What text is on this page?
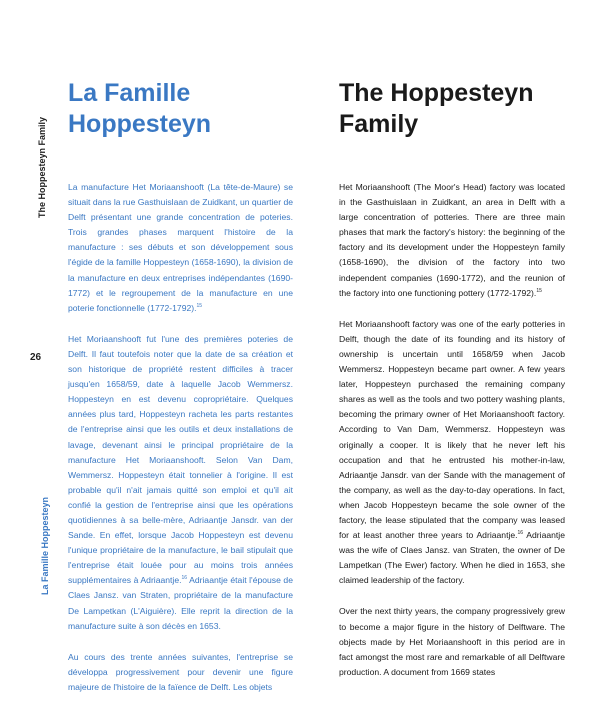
The Hoppesteyn Family
26
La Famille Hoppesteyn
La Famille
Hoppesteyn

La manufacture Het Moriaanshooft (La tête-de-Maure) se situait dans la rue Gasthuislaan de Zuidkant, un quartier de Delft présentant une grande concentration de poteries. Trois grandes phases marquent l'histoire de la manufacture : ses débuts et son développement sous l'égide de la famille Hoppesteyn (1658-1690), la division de la manufacture en deux entreprises indépendantes (1690-1772) et le regroupement de la manufacture en une poterie fonctionnelle (1772-1792).$^{15}$

Het Moriaanshooft fut l'une des premières poteries de Delft. Il faut toutefois noter que la date de sa création et son historique de propriété restent difficiles à tracer jusqu'en 1658/59, date à laquelle Jacob Wemmersz. Hoppesteyn en est devenu copropriétaire. Quelques années plus tard, Hoppesteyn racheta les parts restantes de l'entreprise ainsi que les outils et deux installations de lavage, devenant ainsi le principal propriétaire de la manufacture Het Moriaanshooft. Selon Van Dam, Wemmersz. Hoppesteyn était tonnelier à l'origine. Il est probable qu'il n'ait jamais quitté son emploi et qu'il ait confié la gestion de l'entreprise ainsi que les opérations quotidiennes à sa belle-mère, Adriaantje Jansdr. van der Sande. En effet, lorsque Jacob Hoppesteyn est devenu l'unique propriétaire de la manufacture, le bail stipulait que l'entreprise était louée pour au moins trois années supplémentaires à Adriaantje.$^{16}$ Adriaantje était l'épouse de Claes Jansz. van Straten, propriétaire de la manufacture De Lampetkan (L'Aiguière). Elle reprit la direction de la manufacture suite à son décès en 1653.

Au cours des trente années suivantes, l'entreprise se développa progressivement pour devenir une figure majeure de l'histoire de la faïence de Delft. Les objets

The Hoppesteyn
Family

Het Moriaanshooft (The Moor's Head) factory was located in the Gasthuislaan in Zuidkant, an area in Delft with a large concentration of potteries. There are three main phases that mark the factory's history: the beginning of the factory and its development under the Hoppesteyn family (1658-1690), the division of the factory into two independent companies (1690-1772), and the reunion of the factory into one functioning pottery (1772-1792).$^{15}$

Het Moriaanshooft factory was one of the early potteries in Delft, though the date of its founding and its history of ownership is uncertain until 1658/59 when Jacob Wemmersz. Hoppesteyn became part owner. A few years later, Hoppesteyn purchased the remaining company shares as well as the tools and two pottery washing plants, becoming the primary owner of Het Moriaanshooft factory. According to Van Dam, Wemmersz. Hoppesteyn was originally a cooper. It is likely that he never left his occupation and that he entrusted his mother-in-law, Adriaantje Jansdr. van der Sande with the management of the company, as well as the day-to-day operations. In fact, when Jacob Hoppesteyn became the sole owner of the factory, the lease stipulated that the company was leased for at least another three years to Adriaantje.$^{16}$ Adriaantje was the wife of Claes Jansz. van Straten, the owner of De Lampetkan (The Ewer) factory. When he died in 1653, she claimed leadership of the factory.

Over the next thirty years, the company progressively grew to become a major figure in the history of Delftware. The objects made by Het Moriaanshooft in this period are in fact amongst the most rare and remarkable of all Delftware production. A document from 1669 states
